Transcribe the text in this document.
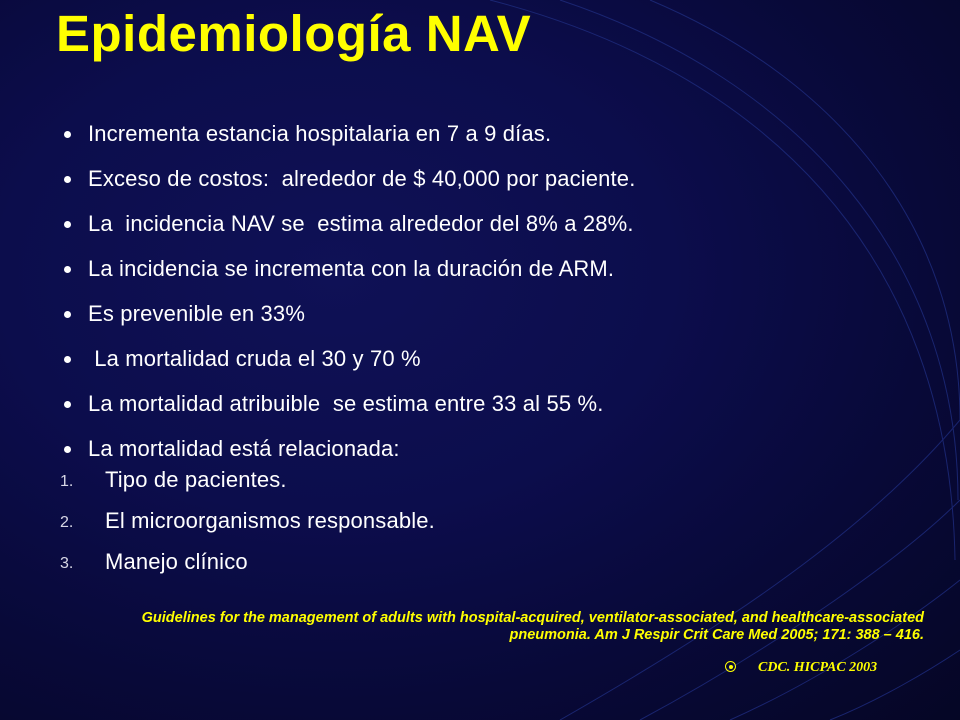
Epidemiología NAV
Incrementa estancia hospitalaria en 7 a 9 días.
Exceso de costos:  alrededor de $ 40,000 por paciente.
La  incidencia NAV se  estima alrededor del 8% a 28%.
La incidencia se incrementa con la duración de ARM.
Es prevenible en 33%
La mortalidad cruda el 30 y 70 %
La mortalidad atribuible  se estima entre 33 al 55 %.
La mortalidad está relacionada:
1. Tipo de pacientes.
2. El microorganismos responsable.
3. Manejo clínico

Guidelines for the management of adults with hospital-acquired, ventilator-associated, and healthcare-associated pneumonia. Am J Respir Crit Care Med 2005; 171: 388 – 416.

CDC. HICPAC 2003
